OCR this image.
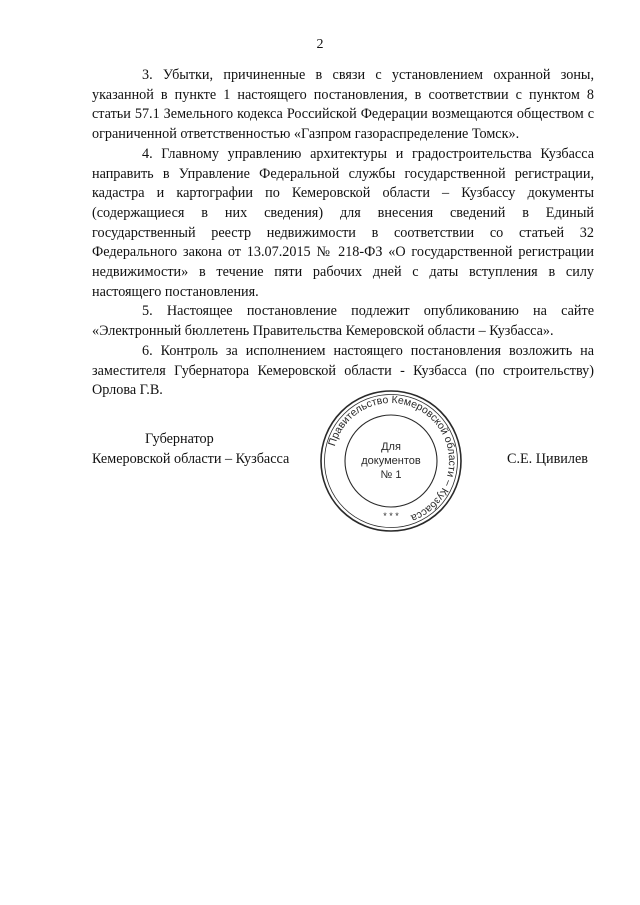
2

3. Убытки, причиненные в связи с установлением охранной зоны, указанной в пункте 1 настоящего постановления, в соответствии с пунктом 8 статьи 57.1 Земельного кодекса Российской Федерации возмещаются обществом с ограниченной ответственностью «Газпром газораспределение Томск».

4. Главному управлению архитектуры и градостроительства Кузбасса направить в Управление Федеральной службы государственной регистрации, кадастра и картографии по Кемеровской области – Кузбассу документы (содержащиеся в них сведения) для внесения сведений в Единый государственный реестр недвижимости в соответствии со статьей 32 Федерального закона от 13.07.2015 № 218-ФЗ «О государственной регистрации недвижимости» в течение пяти рабочих дней с даты вступления в силу настоящего постановления.

5. Настоящее постановление подлежит опубликованию на сайте «Электронный бюллетень Правительства Кемеровской области – Кузбасса».

6. Контроль за исполнением настоящего постановления возложить на заместителя Губернатора Кемеровской области - Кузбасса (по строительству) Орлова Г.В.

Губернатор
Кемеровской области – Кузбасса	С.Е. Цивилев
Правительство Кемеровской области – Кузбасса
Для
документов
№ 1
* * *
